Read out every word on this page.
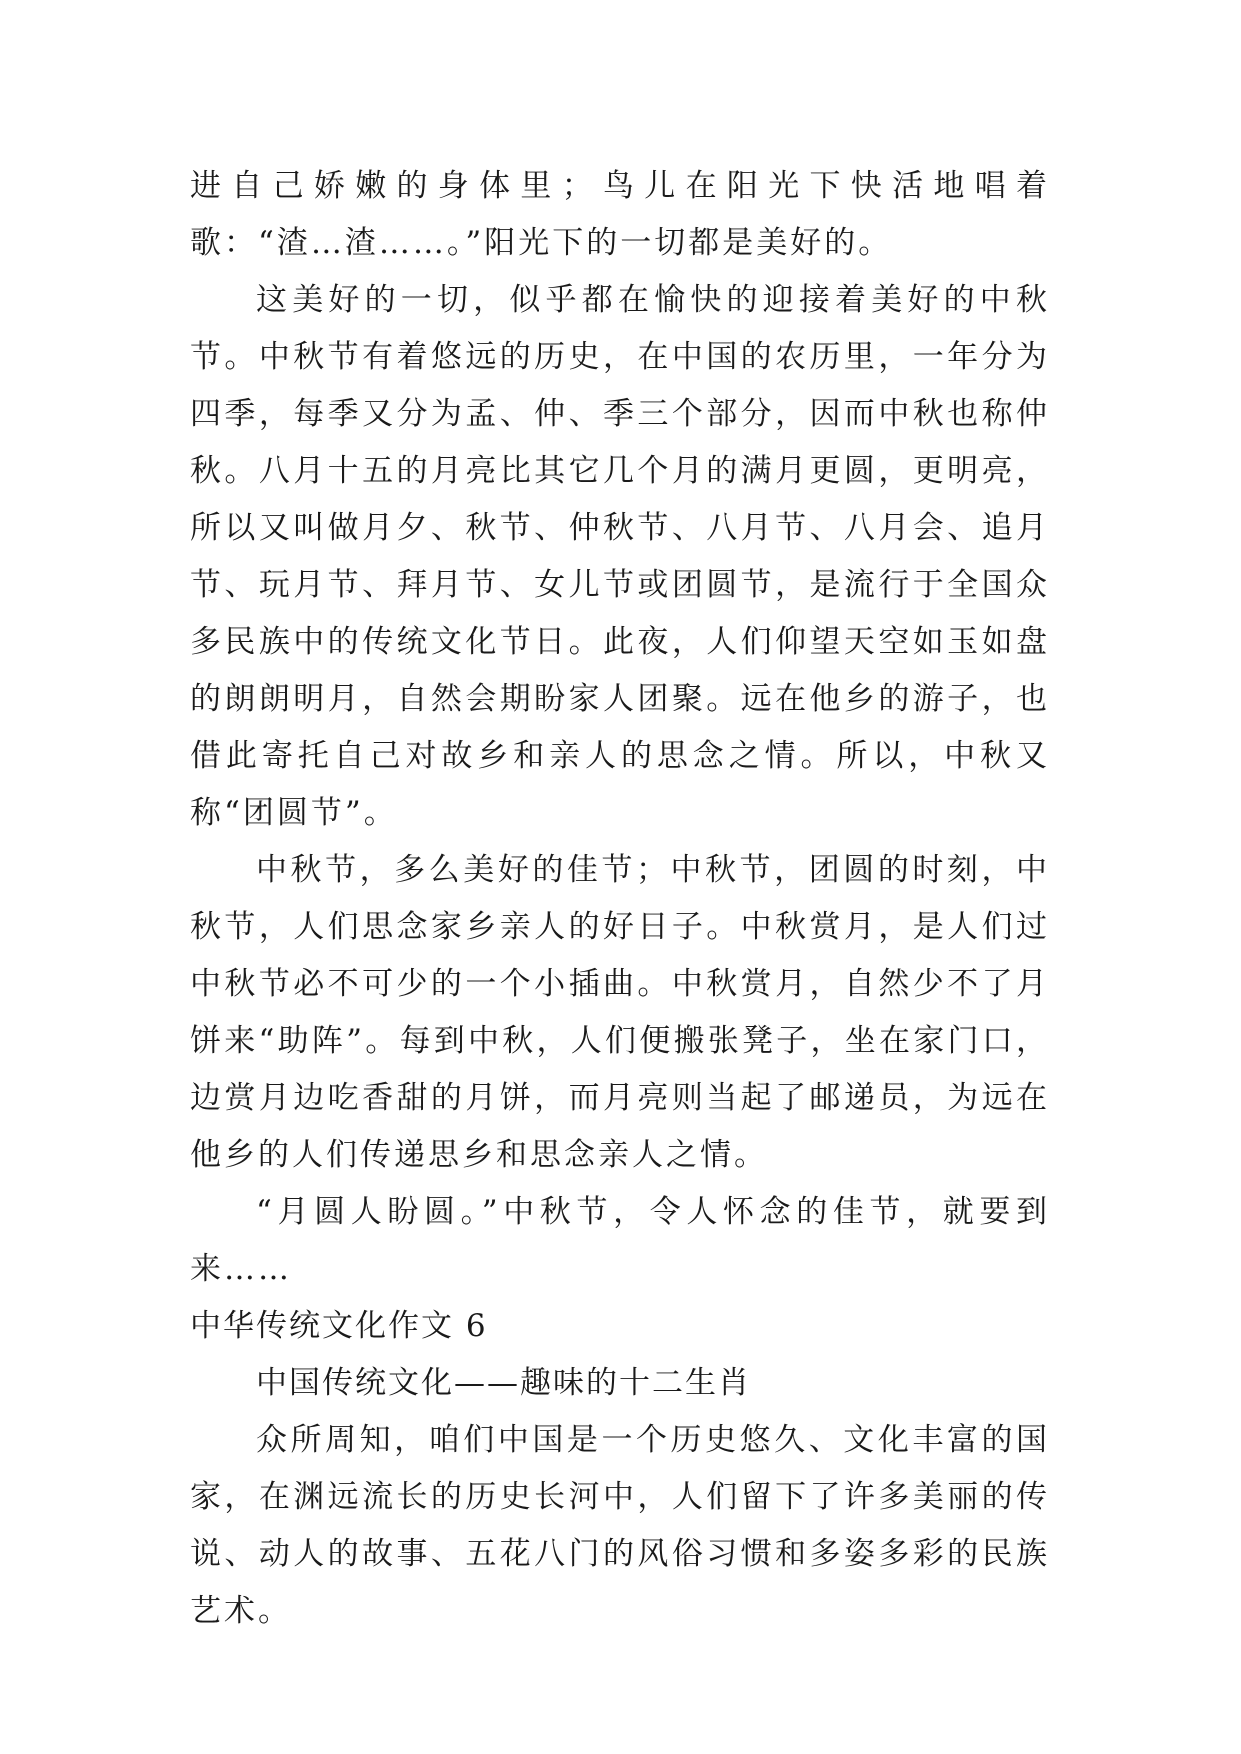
进自己娇嫩的身体里；鸟儿在阳光下快活地唱着歌：“渣…渣……。”阳光下的一切都是美好的。

这美好的一切，似乎都在愉快的迎接着美好的中秋节。中秋节有着悠远的历史，在中国的农历里，一年分为四季，每季又分为孟、仲、季三个部分，因而中秋也称仲秋。八月十五的月亮比其它几个月的满月更圆，更明亮，所以又叫做月夕、秋节、仲秋节、八月节、八月会、追月节、玩月节、拜月节、女儿节或团圆节，是流行于全国众多民族中的传统文化节日。此夜，人们仰望天空如玉如盘的朗朗明月，自然会期盼家人团聚。远在他乡的游子，也借此寄托自己对故乡和亲人的思念之情。所以，中秋又称“团圆节”。

中秋节，多么美好的佳节；中秋节，团圆的时刻，中秋节，人们思念家乡亲人的好日子。中秋赏月，是人们过中秋节必不可少的一个小插曲。中秋赏月，自然少不了月饼来“助阵”。每到中秋，人们便搬张凳子，坐在家门口，边赏月边吃香甜的月饼，而月亮则当起了邮递员，为远在他乡的人们传递思乡和思念亲人之情。

“月圆人盼圆。”中秋节，令人怀念的佳节，就要到来……

中华传统文化作文 6

中国传统文化——趣味的十二生肖

众所周知，咱们中国是一个历史悠久、文化丰富的国家，在渊远流长的历史长河中，人们留下了许多美丽的传说、动人的故事、五花八门的风俗习惯和多姿多彩的民族艺术。
